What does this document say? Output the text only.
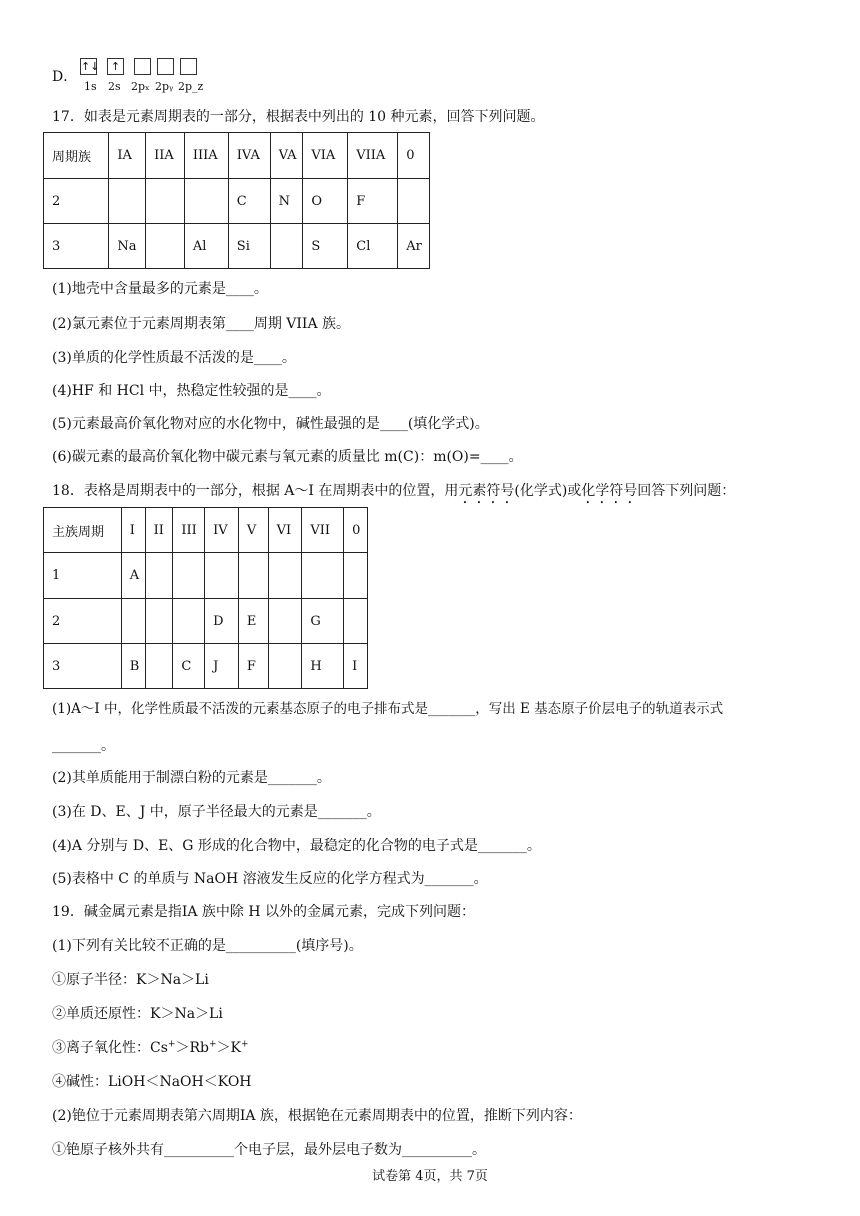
D．
↑↓	↑
1s 2s 2pₓ 2pᵧ 2p_z
17．如表是元素周期表的一部分，根据表中列出的 10 种元素，回答下列问题。
周期族	IA	IIA	IIIA	IVA	VA	VIA	VIIA	0
2				C	N	O	F	
3	Na		Al	Si		S	Cl	Ar
(1)地壳中含量最多的元素是____。
(2)氯元素位于元素周期表第____周期 VIIA 族。
(3)单质的化学性质最不活泼的是____。
(4)HF 和 HCl 中，热稳定性较强的是____。
(5)元素最高价氧化物对应的水化物中，碱性最强的是____(填化学式)。
(6)碳元素的最高价氧化物中碳元素与氧元素的质量比 m(C)：m(O)=____。
18．表格是周期表中的一部分，根据 A～I 在周期表中的位置，用元素符号(化学式)或化学符号回答下列问题：
主族周期	I	II	III	IV	V	VI	VII	0
1	A							
2				D	E		G	
3	B		C	J	F		H	I
(1)A～I 中，化学性质最不活泼的元素基态原子的电子排布式是_______，写出 E 基态原子价层电子的轨道表示式
_______。
(2)其单质能用于制漂白粉的元素是_______。
(3)在 D、E、J 中，原子半径最大的元素是_______。
(4)A 分别与 D、E、G 形成的化合物中，最稳定的化合物的电子式是_______。
(5)表格中 C 的单质与 NaOH 溶液发生反应的化学方程式为_______。
19．碱金属元素是指ⅠA 族中除 H 以外的金属元素，完成下列问题：
(1)下列有关比较不正确的是__________(填序号)。
①原子半径：K＞Na＞Li
②单质还原性：K＞Na＞Li
③离子氧化性：Cs+＞Rb+＞K+
④碱性：LiOH＜NaOH＜KOH
(2)铯位于元素周期表第六周期ⅠA 族，根据铯在元素周期表中的位置，推断下列内容：
①铯原子核外共有__________个电子层，最外层电子数为__________。
试卷第 4页，共 7页
